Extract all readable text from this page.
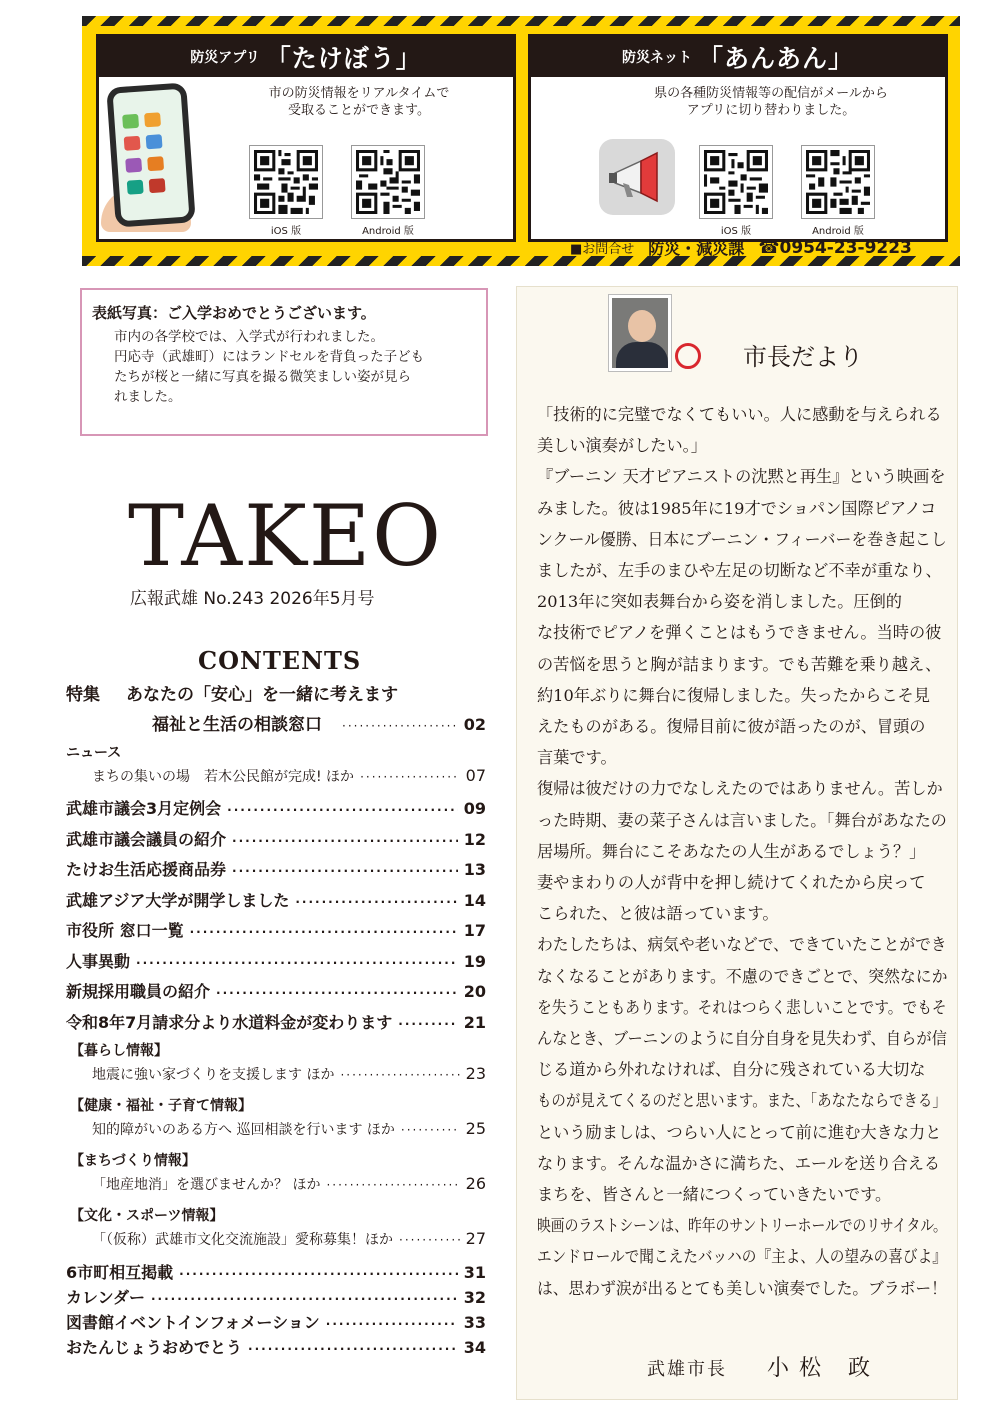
防災アプリ 「たけぼう」
市の防災情報をリアルタイムで
受取ることができます。
iOS 版	Android 版
防災ネット 「あんあん」
県の各種防災情報等の配信がメールから
アプリに切り替わりました。
iOS 版	Android 版
■お問合せ 防災・減災課 ☎0954-23-9223
表紙写真：ご入学おめでとうございます。
市内の各学校では、入学式が行われました。
円応寺（武雄町）にはランドセルを背負った子ども
たちが桜と一緒に写真を撮る微笑ましい姿が見ら
れました。
TAKEO
広報武雄 No.243 2026年5月号
CONTENTS
特集 あなたの「安心」を一緒に考えます
福祉と生活の相談窓口 ·····	02
ニュース
まちの集いの場　若木公民館が完成! ほか ·····	07
武雄市議会3月定例会 ·····	09
武雄市議会議員の紹介 ·····	12
たけお生活応援商品券 ·····	13
武雄アジア大学が開学しました ·····	14
市役所 窓口一覧 ·····	17
人事異動 ·····	19
新規採用職員の紹介 ·····	20
令和8年7月請求分より水道料金が変わります ·····	21
【暮らし情報】
地震に強い家づくりを支援します ほか ·····	23
【健康・福祉・子育て情報】
知的障がいのある方へ 巡回相談を行います ほか ·····	25
【まちづくり情報】
「地産地消」を選びませんか？ ほか ·····	26
【文化・スポーツ情報】
「（仮称）武雄市文化交流施設」愛称募集！ほか ·····	27
6市町相互掲載 ·····	31
カレンダー ·····	32
図書館イベントインフォメーション ·····	33
おたんじょうおめでとう ·····	34
市長だより
「技術的に完璧でなくてもいい。人に感動を与えられる
美しい演奏がしたい。」
『ブーニン 天才ピアニストの沈黙と再生』という映画を
みました。彼は1985年に19才でショパン国際ピアノコ
ンクール優勝、日本にブーニン・フィーバーを巻き起こし
ましたが、左手のまひや左足の切断など不幸が重なり、
2013年に突如表舞台から姿を消しました。圧倒的
な技術でピアノを弾くことはもうできません。当時の彼
の苦悩を思うと胸が詰まります。でも苦難を乗り越え、
約10年ぶりに舞台に復帰しました。失ったからこそ見
えたものがある。復帰目前に彼が語ったのが、冒頭の
言葉です。
復帰は彼だけの力でなしえたのではありません。苦しか
った時期、妻の菜子さんは言いました。「舞台があなたの
居場所。舞台にこそあなたの人生があるでしょう？」
妻やまわりの人が背中を押し続けてくれたから戻って
こられた、と彼は語っています。
わたしたちは、病気や老いなどで、できていたことができ
なくなることがあります。不慮のできごとで、突然なにか
を失うこともあります。それはつらく悲しいことです。でもそ
んなとき、ブーニンのように自分自身を見失わず、自らが信
じる道から外れなければ、自分に残されている大切な
ものが見えてくるのだと思います。また、「あなたならできる」
という励ましは、つらい人にとって前に進む大きな力と
なります。そんな温かさに満ちた、エールを送り合える
まちを、皆さんと一緒につくっていきたいです。
映画のラストシーンは、昨年のサントリーホールでのリサイタル。
エンドロールで聞こえたバッハの『主よ、人の望みの喜びよ』
は、思わず涙が出るとても美しい演奏でした。ブラボー！
武雄市長 小松 政
